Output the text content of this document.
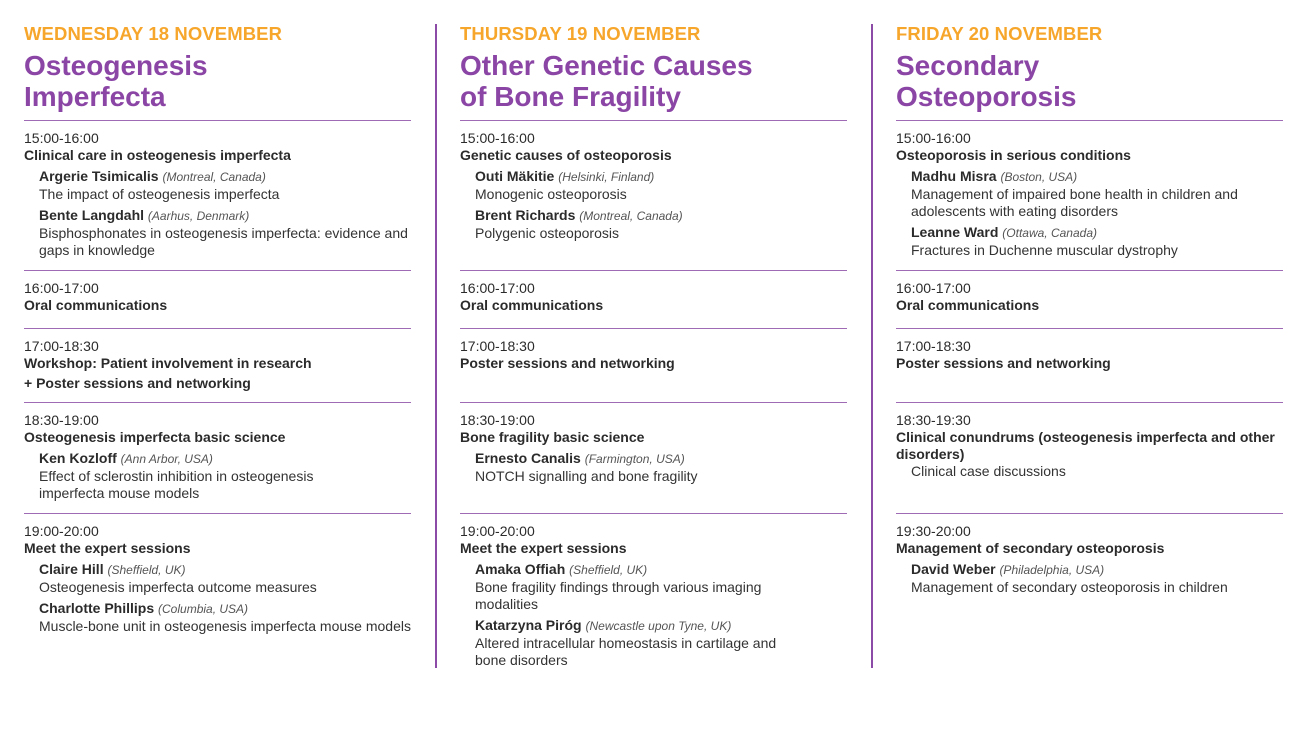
WEDNESDAY 18 NOVEMBER
Osteogenesis
Imperfecta
15:00-16:00
Clinical care in osteogenesis imperfecta
Argerie Tsimicalis (Montreal, Canada)
The impact of osteogenesis imperfecta
Bente Langdahl (Aarhus, Denmark)
Bisphosphonates in osteogenesis imperfecta: evidence and gaps in knowledge
16:00-17:00
Oral communications
17:00-18:30
Workshop: Patient involvement in research
+ Poster sessions and networking
18:30-19:00
Osteogenesis imperfecta basic science
Ken Kozloff (Ann Arbor, USA)
Effect of sclerostin inhibition in osteogenesis imperfecta mouse models
19:00-20:00
Meet the expert sessions
Claire Hill (Sheffield, UK)
Osteogenesis imperfecta outcome measures
Charlotte Phillips (Columbia, USA)
Muscle-bone unit in osteogenesis imperfecta mouse models
THURSDAY 19 NOVEMBER
Other Genetic Causes
of Bone Fragility
15:00-16:00
Genetic causes of osteoporosis
Outi Mäkitie (Helsinki, Finland)
Monogenic osteoporosis
Brent Richards (Montreal, Canada)
Polygenic osteoporosis
16:00-17:00
Oral communications
17:00-18:30
Poster sessions and networking
18:30-19:00
Bone fragility basic science
Ernesto Canalis (Farmington, USA)
NOTCH signalling and bone fragility
19:00-20:00
Meet the expert sessions
Amaka Offiah (Sheffield, UK)
Bone fragility findings through various imaging modalities
Katarzyna Piróg (Newcastle upon Tyne, UK)
Altered intracellular homeostasis in cartilage and bone disorders
FRIDAY 20 NOVEMBER
Secondary
Osteoporosis
15:00-16:00
Osteoporosis in serious conditions
Madhu Misra (Boston, USA)
Management of impaired bone health in children and adolescents with eating disorders
Leanne Ward (Ottawa, Canada)
Fractures in Duchenne muscular dystrophy
16:00-17:00
Oral communications
17:00-18:30
Poster sessions and networking
18:30-19:30
Clinical conundrums (osteogenesis imperfecta and other disorders)
Clinical case discussions
19:30-20:00
Management of secondary osteoporosis
David Weber (Philadelphia, USA)
Management of secondary osteoporosis in children
